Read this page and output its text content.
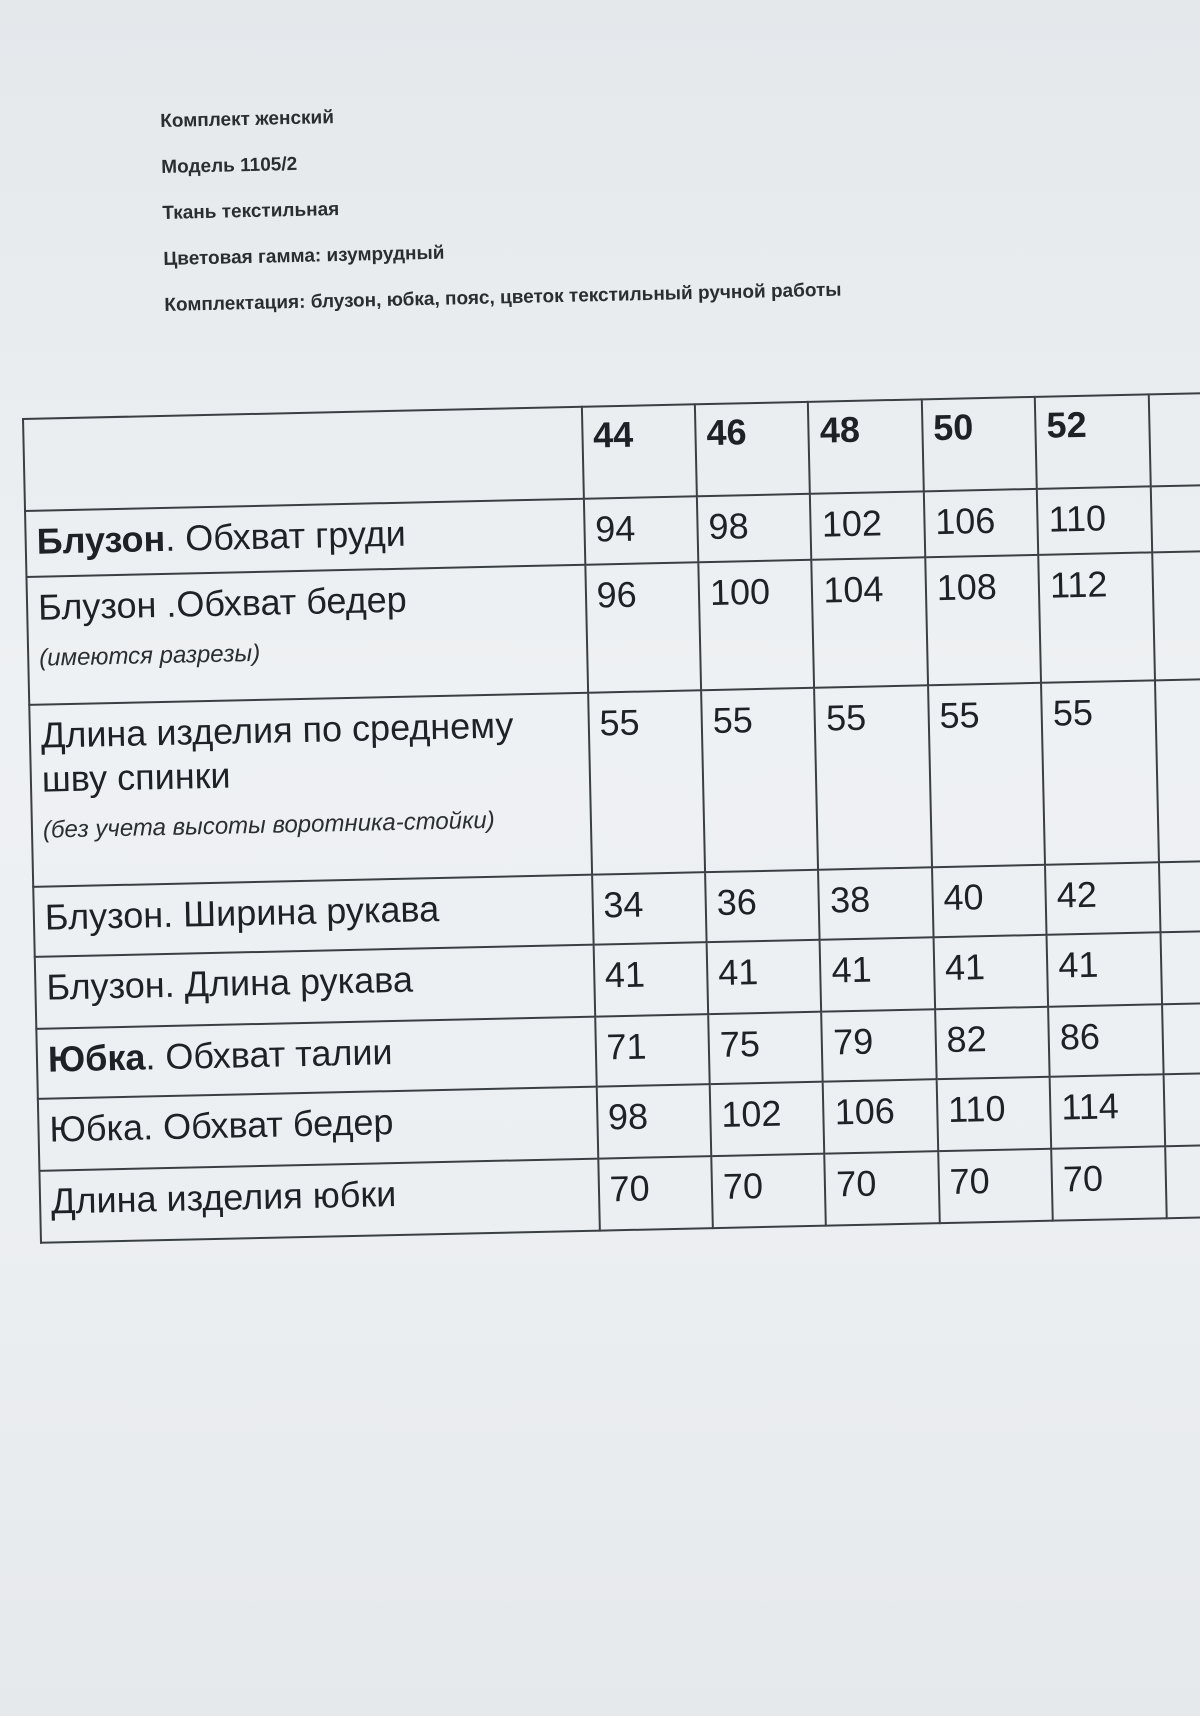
Комплект женский
Модель 1105/2
Ткань текстильная
Цветовая гамма: изумрудный
Комплектация: блузон, юбка, пояс, цветок текстильный ручной работы
	44	46	48	50	52	
Блузон. Обхват груди	94	98	102	106	110	
Блузон .Обхват бедер
(имеются разрезы)	96	100	104	108	112	
Длина изделия по среднему шву спинки
(без учета высоты воротника-стойки)	55	55	55	55	55	
Блузон. Ширина рукава	34	36	38	40	42	
Блузон. Длина рукава	41	41	41	41	41	
Юбка. Обхват талии	71	75	79	82	86	
Юбка. Обхват бедер	98	102	106	110	114	
Длина изделия юбки	70	70	70	70	70	
